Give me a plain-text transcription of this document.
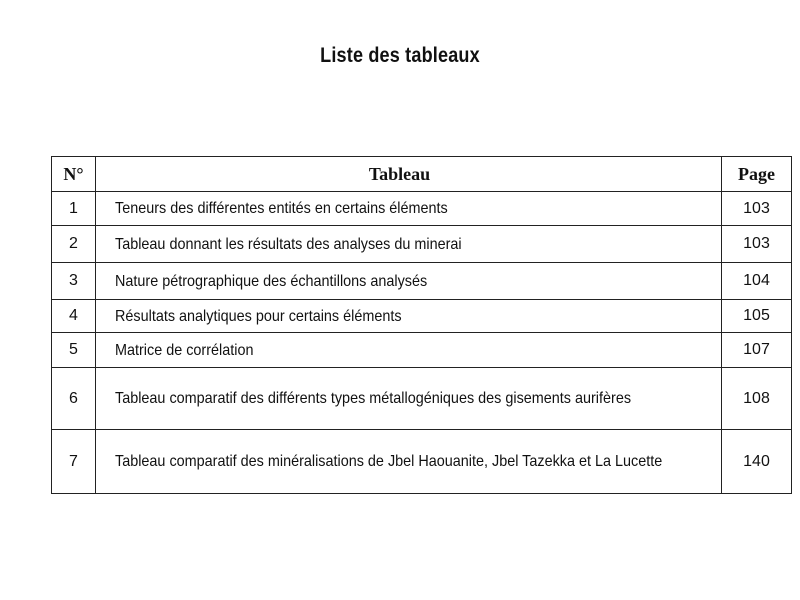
Liste des tableaux
N°	Tableau	Page
1	Teneurs des différentes entités en certains éléments	103
2	Tableau donnant les résultats des analyses du minerai	103
3	Nature pétrographique des échantillons analysés	104
4	Résultats analytiques pour certains éléments	105
5	Matrice de corrélation	107
6	Tableau comparatif des différents types métallogéniques des gisements aurifères	108
7	Tableau comparatif des minéralisations de Jbel Haouanite, Jbel Tazekka et La Lucette	140
